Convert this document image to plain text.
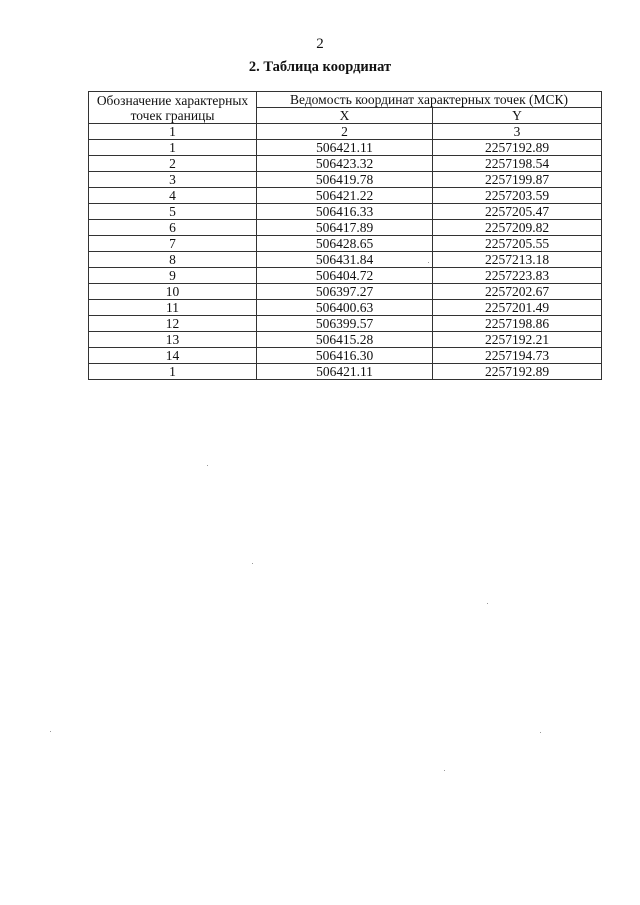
2
2. Таблица координат
Обозначение характерных точек границы	Ведомость координат характерных точек (МСК)	
	X	Y
1	2	3
1	506421.11	2257192.89
2	506423.32	2257198.54
3	506419.78	2257199.87
4	506421.22	2257203.59
5	506416.33	2257205.47
6	506417.89	2257209.82
7	506428.65	2257205.55
8	506431.84	2257213.18
9	506404.72	2257223.83
10	506397.27	2257202.67
11	506400.63	2257201.49
12	506399.57	2257198.86
13	506415.28	2257192.21
14	506416.30	2257194.73
1	506421.11	2257192.89
